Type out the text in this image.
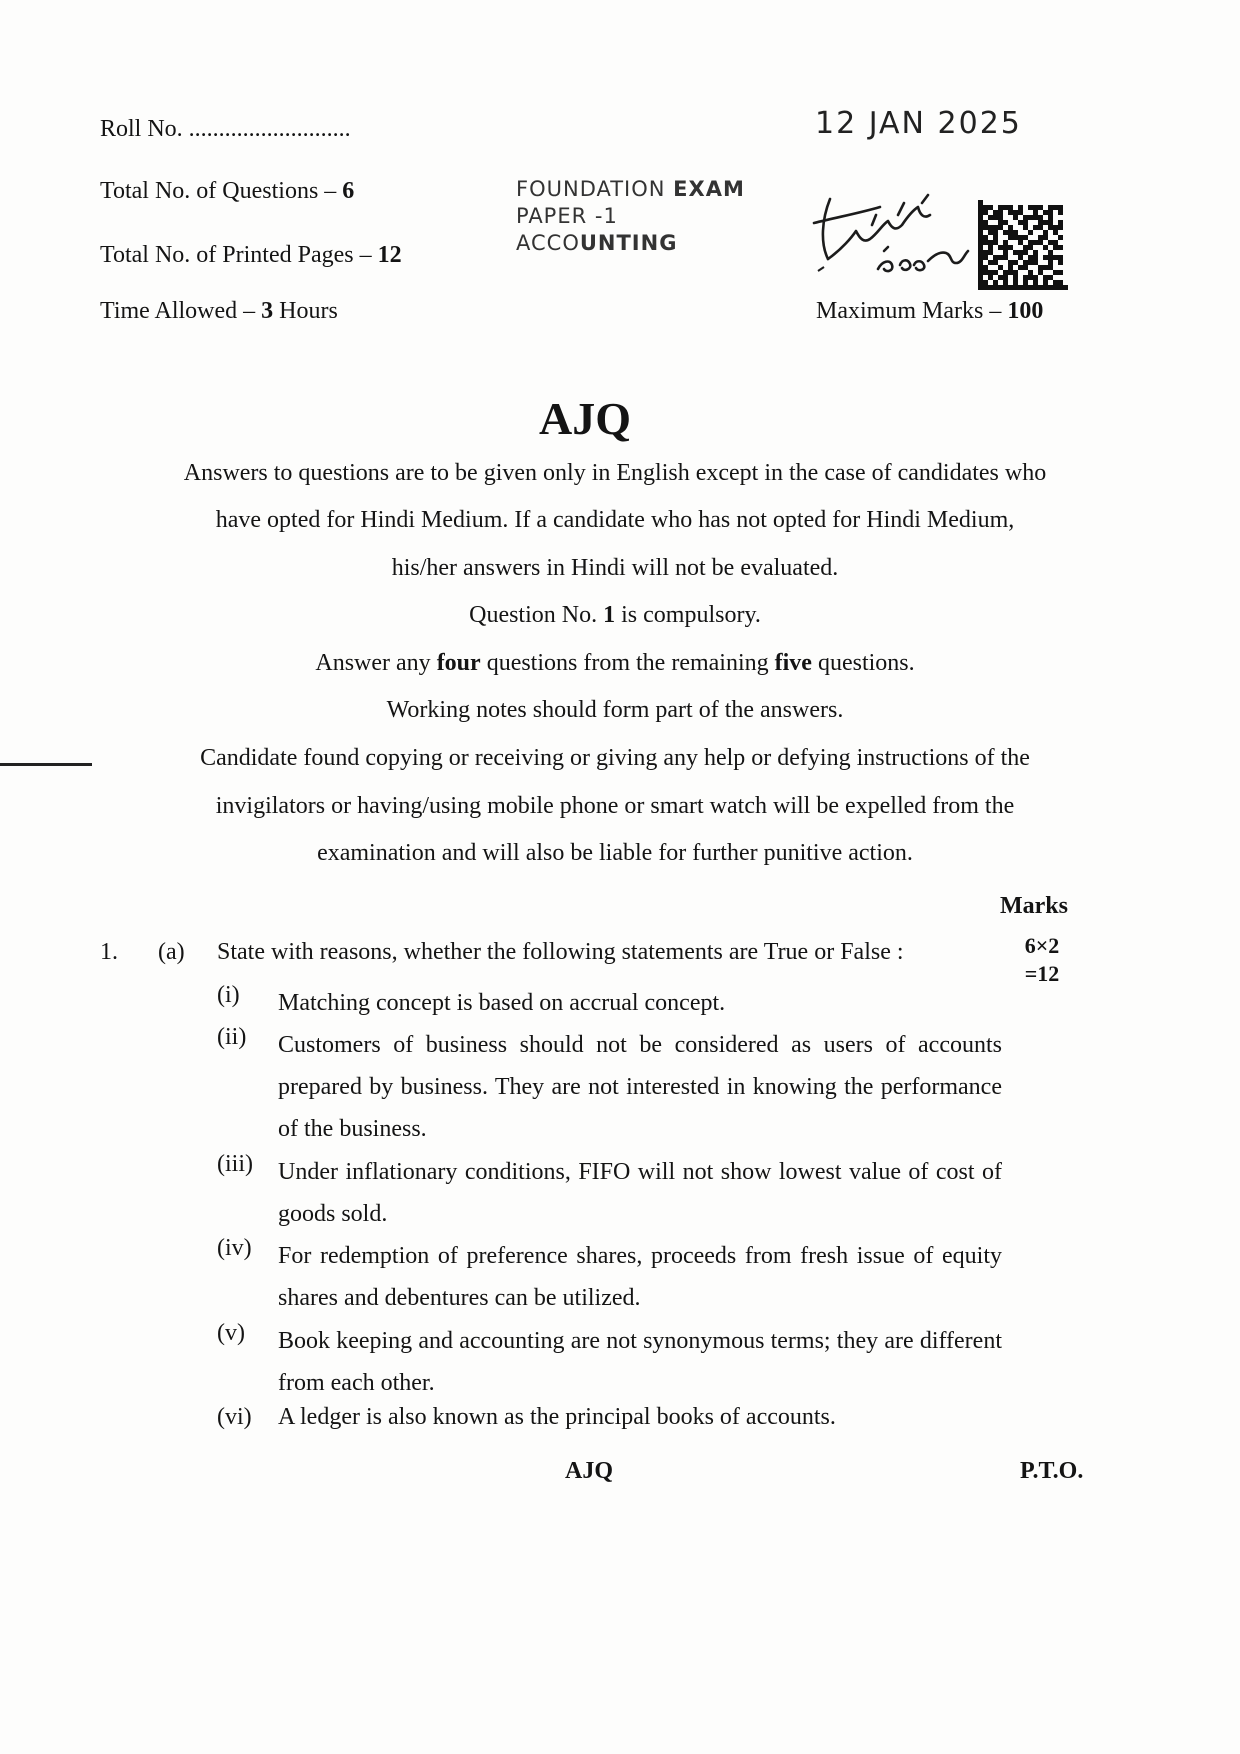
Roll No. ...........................
Total No. of Questions – 6
Total No. of Printed Pages – 12
Time Allowed – 3 Hours
FOUNDATION EXAM
PAPER -1
ACCOUNTING
12 JAN 2025
Maximum Marks – 100
AJQ
Answers to questions are to be given only in English except in the case of candidates who
have opted for Hindi Medium. If a candidate who has not opted for Hindi Medium,
his/her answers in Hindi will not be evaluated.
Question No. 1 is compulsory.
Answer any four questions from the remaining five questions.
Working notes should form part of the answers.
Candidate found copying or receiving or giving any help or defying instructions of the
invigilators or having/using mobile phone or smart watch will be expelled from the
examination and will also be liable for further punitive action.
Marks
1. (a) State with reasons, whether the following statements are True or False :	6×2
=12
(i) Matching concept is based on accrual concept.
(ii) Customers of business should not be considered as users of accounts prepared by business. They are not interested in knowing the performance of the business.
(iii) Under inflationary conditions, FIFO will not show lowest value of cost of goods sold.
(iv) For redemption of preference shares, proceeds from fresh issue of equity shares and debentures can be utilized.
(v) Book keeping and accounting are not synonymous terms; they are different from each other.
(vi) A ledger is also known as the principal books of accounts.
AJQ	P.T.O.
